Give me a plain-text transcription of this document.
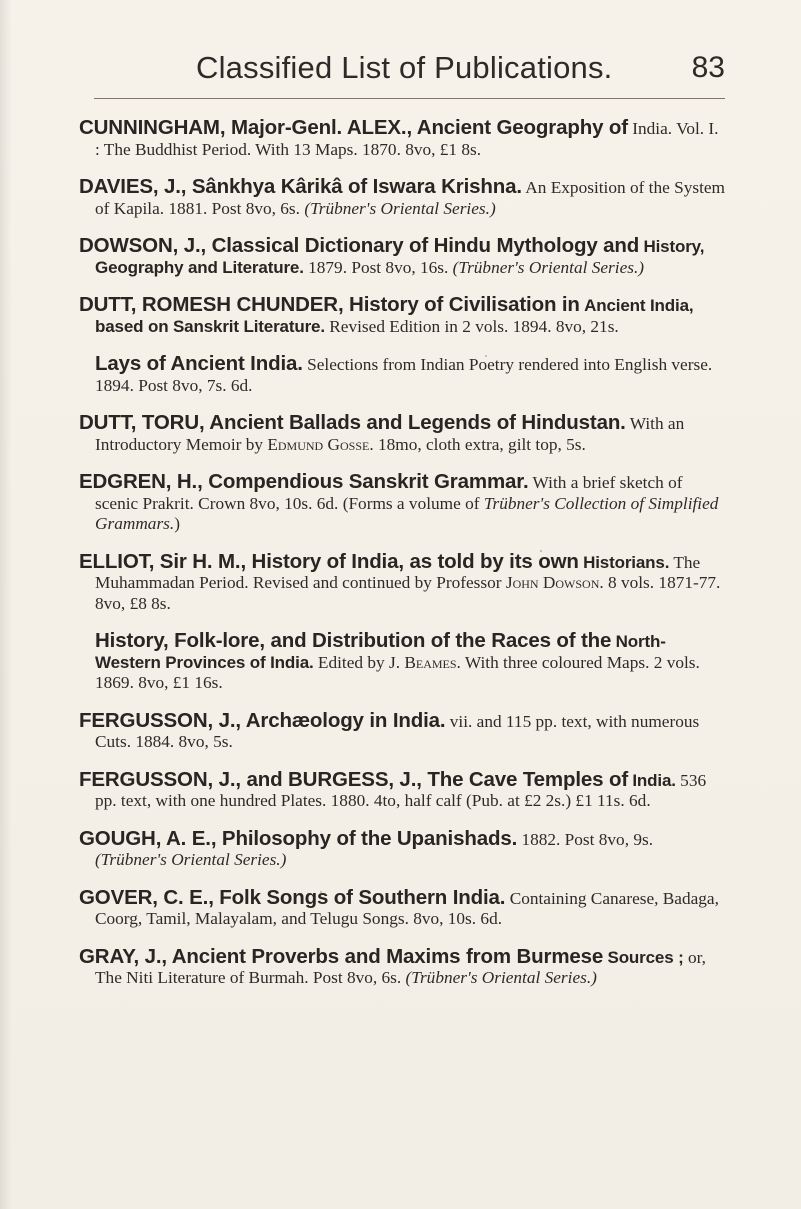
Classified List of Publications.	83
CUNNINGHAM, Major-Genl. ALEX., Ancient Geography of India. Vol. I. : The Buddhist Period. With 13 Maps. 1870. 8vo, £1 8s.
DAVIES, J., Sânkhya Kârikâ of Iswara Krishna. An Exposition of the System of Kapila. 1881. Post 8vo, 6s. (Trübner's Oriental Series.)
DOWSON, J., Classical Dictionary of Hindu Mythology and History, Geography and Literature. 1879. Post 8vo, 16s. (Trübner's Oriental Series.)
DUTT, ROMESH CHUNDER, History of Civilisation in Ancient India, based on Sanskrit Literature. Revised Edition in 2 vols. 1894. 8vo, 21s.
Lays of Ancient India. Selections from Indian Poetry rendered into English verse. 1894. Post 8vo, 7s. 6d.
DUTT, TORU, Ancient Ballads and Legends of Hindustan. With an Introductory Memoir by Edmund Gosse. 18mo, cloth extra, gilt top, 5s.
EDGREN, H., Compendious Sanskrit Grammar. With a brief sketch of scenic Prakrit. Crown 8vo, 10s. 6d. (Forms a volume of Trübner's Collection of Simplified Grammars.)
ELLIOT, Sir H. M., History of India, as told by its own Historians. The Muhammadan Period. Revised and continued by Professor John Dowson. 8 vols. 1871-77. 8vo, £8 8s.
History, Folk-lore, and Distribution of the Races of the North-Western Provinces of India. Edited by J. Beames. With three coloured Maps. 2 vols. 1869. 8vo, £1 16s.
FERGUSSON, J., Archæology in India. vii. and 115 pp. text, with numerous Cuts. 1884. 8vo, 5s.
FERGUSSON, J., and BURGESS, J., The Cave Temples of India. 536 pp. text, with one hundred Plates. 1880. 4to, half calf (Pub. at £2 2s.) £1 11s. 6d.
GOUGH, A. E., Philosophy of the Upanishads. 1882. Post 8vo, 9s. (Trübner's Oriental Series.)
GOVER, C. E., Folk Songs of Southern India. Containing Canarese, Badaga, Coorg, Tamil, Malayalam, and Telugu Songs. 8vo, 10s. 6d.
GRAY, J., Ancient Proverbs and Maxims from Burmese Sources ; or, The Niti Literature of Burmah. Post 8vo, 6s. (Trübner's Oriental Series.)
